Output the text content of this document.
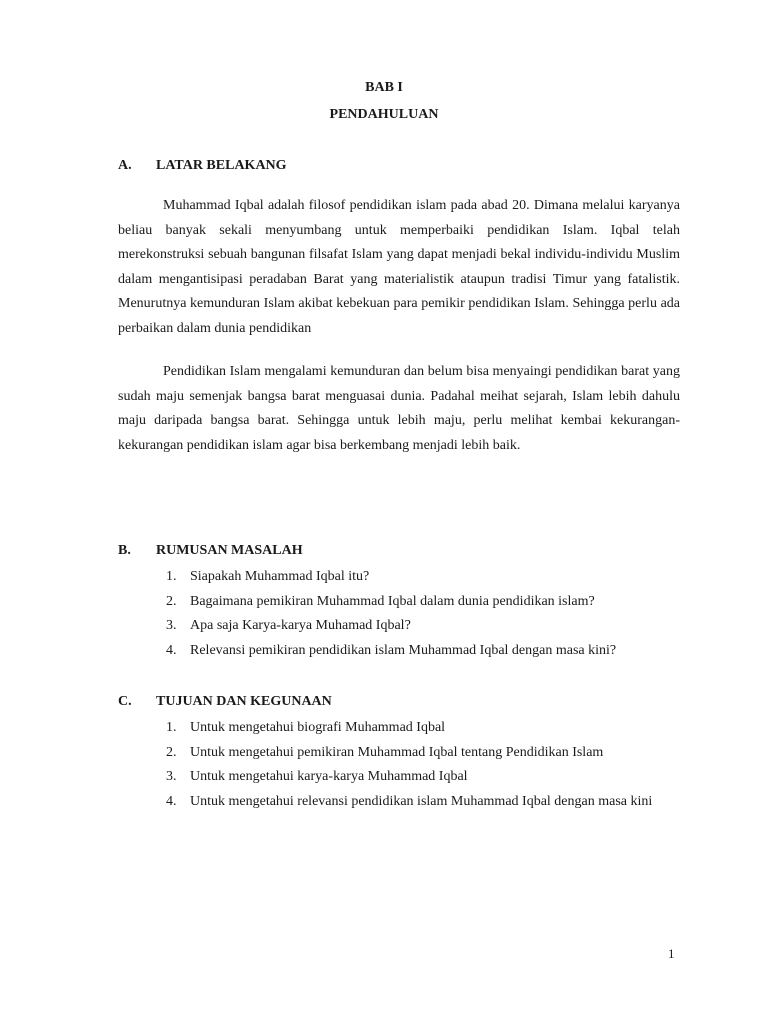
BAB I
PENDAHULUAN
A. LATAR BELAKANG

Muhammad Iqbal adalah filosof pendidikan islam pada abad 20. Dimana melalui karyanya beliau banyak sekali menyumbang untuk memperbaiki pendidikan Islam. Iqbal telah merekonstruksi sebuah bangunan filsafat Islam yang dapat menjadi bekal individu-individu Muslim dalam mengantisipasi peradaban Barat yang materialistik ataupun tradisi Timur yang fatalistik. Menurutnya kemunduran Islam akibat kebekuan para pemikir pendidikan Islam. Sehingga perlu ada perbaikan dalam dunia pendidikan

Pendidikan Islam mengalami kemunduran dan belum bisa menyaingi pendidikan barat yang sudah maju semenjak bangsa barat menguasai dunia. Padahal meihat sejarah, Islam lebih dahulu maju daripada bangsa barat. Sehingga untuk lebih maju, perlu melihat kembai kekurangan-kekurangan pendidikan islam agar bisa berkembang menjadi lebih baik.

B. RUMUSAN MASALAH
1. Siapakah Muhammad Iqbal itu?
2. Bagaimana pemikiran Muhammad Iqbal dalam dunia pendidikan islam?
3. Apa saja Karya-karya Muhamad Iqbal?
4. Relevansi pemikiran pendidikan islam Muhammad Iqbal dengan masa kini?
C. TUJUAN DAN KEGUNAAN
1. Untuk mengetahui biografi Muhammad Iqbal
2. Untuk mengetahui pemikiran Muhammad Iqbal tentang Pendidikan Islam
3. Untuk mengetahui karya-karya Muhammad Iqbal
4. Untuk mengetahui relevansi pendidikan islam Muhammad Iqbal dengan masa kini
1
